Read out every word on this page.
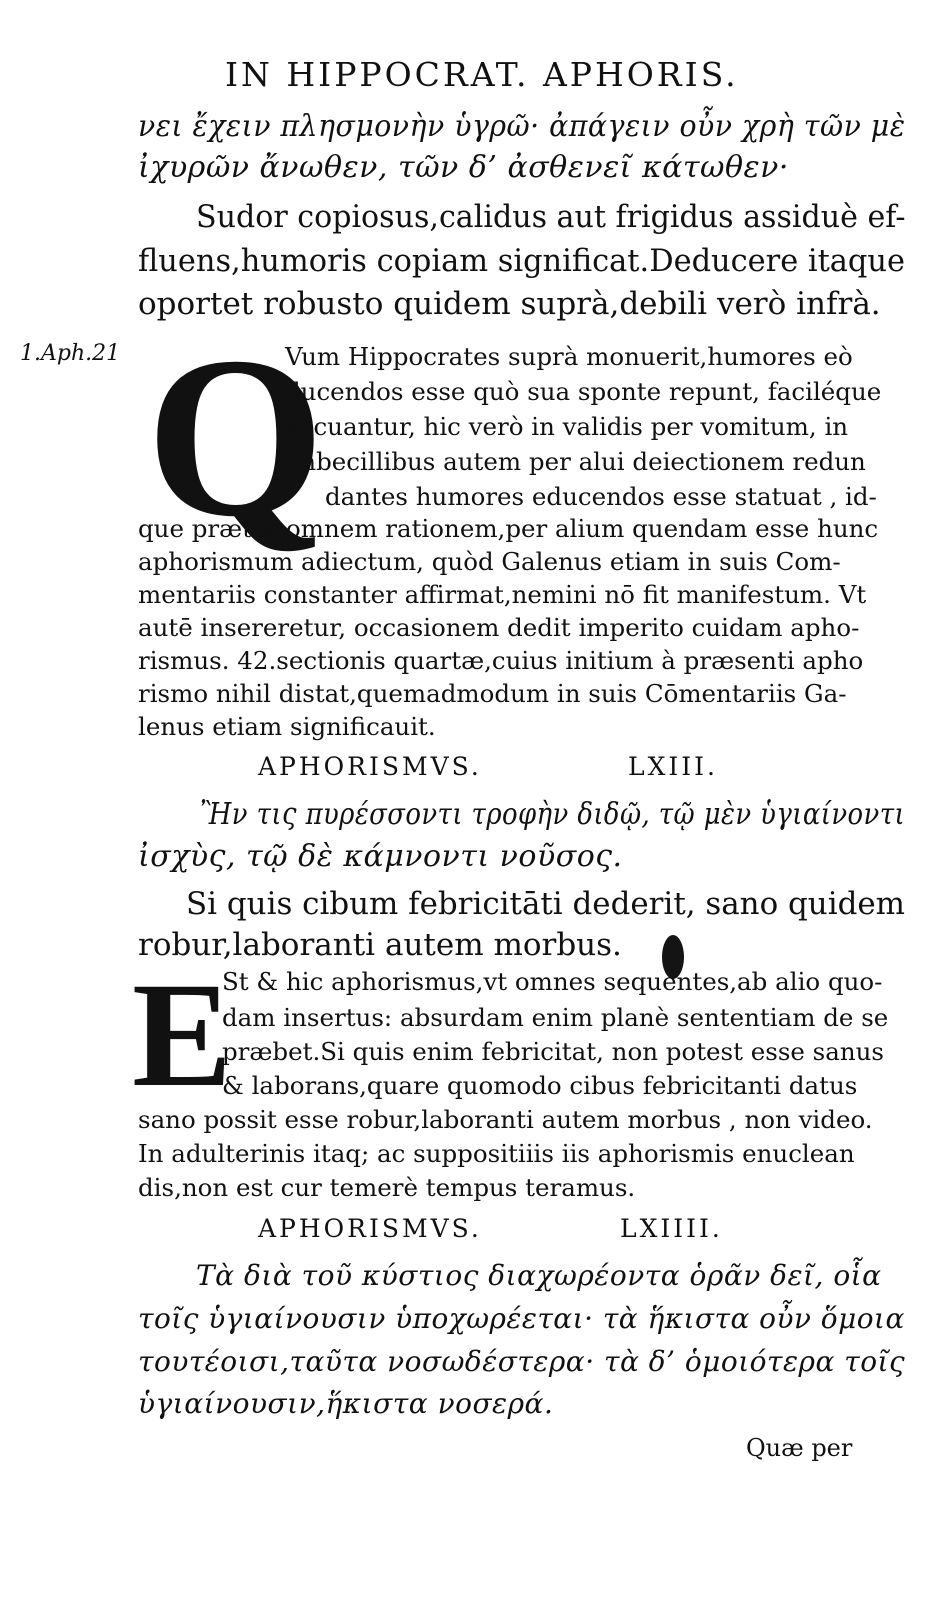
IN HIPPOCRAT. APHORIS.
νει ἔχειν πλησμονὴν ὑγρῶ· ἀπάγειν οὖν χρὴ τῶν μὲ
ἰχυρῶν ἄνωθεν, τῶν δ’ ἀσθενεῖ κάτωθεν·
Sudor copiosus,calidus aut frigidus assiduè ef-
fluens,humoris copiam significat.Deducere itaque
oportet robusto quidem suprà,debili verò infrà.
1.Aph.21 Q
Vum Hippocrates suprà monuerit,humores eò
ducendos esse quò sua sponte repunt, faciléque
vacuantur, hic verò in validis per vomitum, in
imbecillibus autem per alui deiectionem redun
dantes humores educendos esse statuat , id-
que præter omnem rationem,per alium quendam esse hunc
aphorismum adiectum, quòd Galenus etiam in suis Com-
mentariis constanter affirmat,nemini nō fit manifestum. Vt
autē insereretur, occasionem dedit imperito cuidam apho-
rismus. 42.sectionis quartæ,cuius initium à præsenti apho
rismo nihil distat,quemadmodum in suis Cōmentariis Ga-
lenus etiam significauit.
APHORISMVS.	LXIII.
Ἢν τις πυρέσσοντι τροφὴν διδῷ, τῷ μὲν ὑγιαίνοντι
ἰσχὺς, τῷ δὲ κάμνοντι νοῦσος.
Si quis cibum febricitāti dederit, sano quidem
robur,laboranti autem morbus.
E
St & hic aphorismus,vt omnes sequentes,ab alio quo-
dam insertus: absurdam enim planè sententiam de se
præbet.Si quis enim febricitat, non potest esse sanus
& laborans,quare quomodo cibus febricitanti datus
sano possit esse robur,laboranti autem morbus , non video.
In adulterinis itaq; ac suppositiiis iis aphorismis enuclean
dis,non est cur temerè tempus teramus.
APHORISMVS.	LXIIII.
Τὰ διὰ τοῦ κύστιος διαχωρέοντα ὁρᾶν δεῖ, οἷα
τοῖς ὑγιαίνουσιν ὑποχωρέεται· τὰ ἥκιστα οὖν ὅμοια
τουτέοισι,ταῦτα νοσωδέστερα· τὰ δ’ ὁμοιότερα τοῖς
ὑγιαίνουσιν,ἥκιστα νοσερά.
Quæ per
